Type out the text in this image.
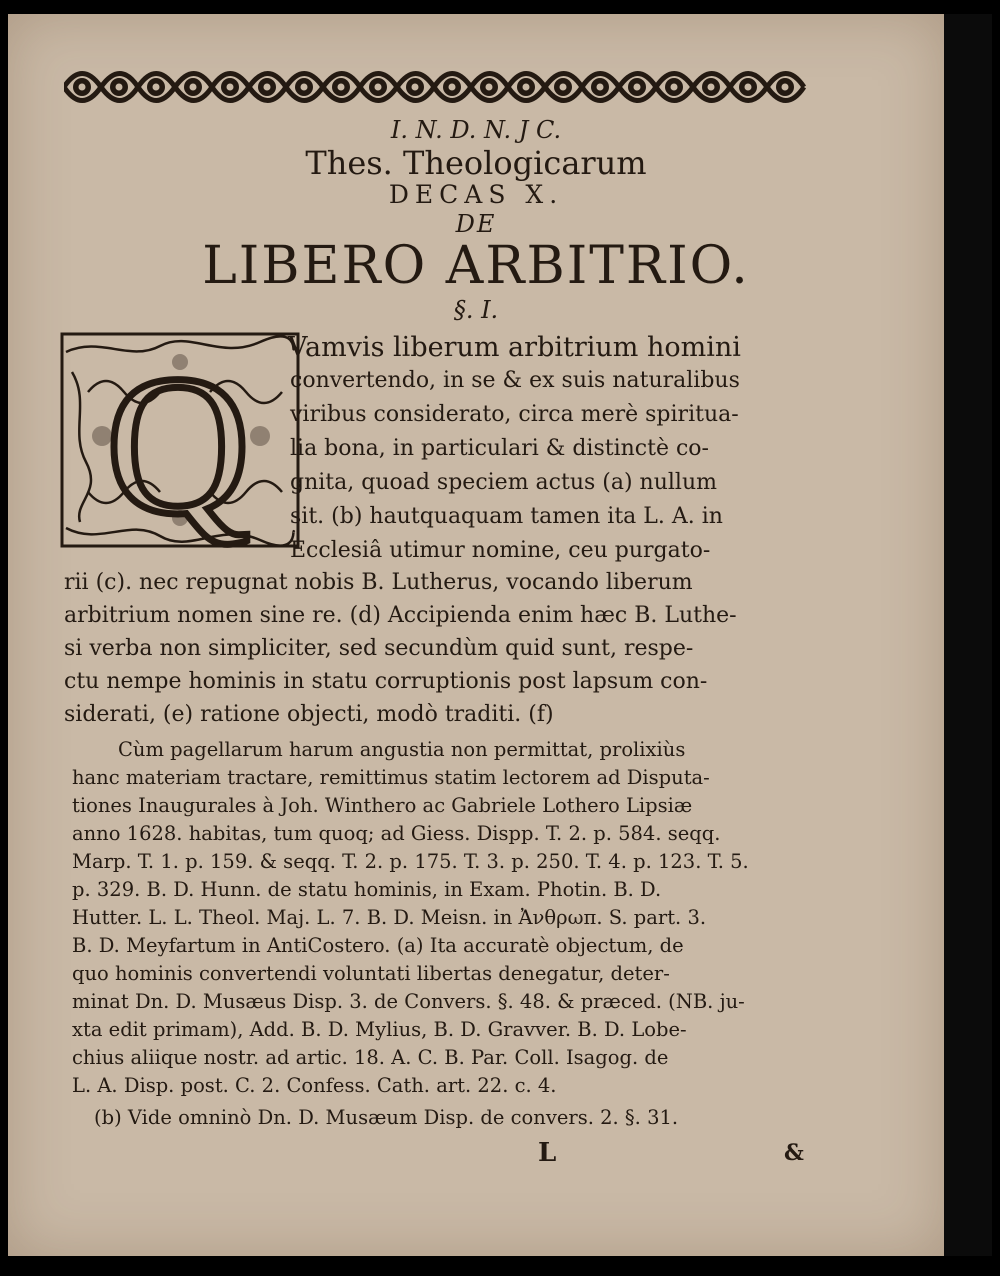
I. N. D. N. J C.
Thes. Theologicarum
DECAS X.
DE
LIBERO ARBITRIO.
§. I.
Q Vamvis liberum arbitrium homini
convertendo, in se & ex suis naturalibus
viribus consideratо, circa merè spiritua-
lia bona, in particulari & distinctè co-
gnita, quoad speciem actus (a) nullum
sit. (b) hautquaquam tamen ita L. A. in
Ecclesiâ utimur nomine, ceu purgato-
rii (c). nec repugnat nobis B. Lutherus, vocando liberum
arbitrium nomen sine re. (d) Accipienda enim hæc B. Luthe-
si verba non simpliciter, sed secundùm quid sunt, respe-
ctu nempe hominis in statu corruptionis post lapsum con-
siderati, (e) ratione objecti, modò traditi. (f)
Cùm pagellarum harum angustia non permittat, prolixiùs
hanc materiam tractare, remittimus statim lectorem ad Disputa-
tiones Inaugurales à Joh. Winthero ac Gabriele Lothero Lipsiæ
anno 1628. habitas, tum quoq; ad Giess. Dispp. T. 2. p. 584. seqq.
Marp. T. 1. p. 159. & seqq. T. 2. p. 175. T. 3. p. 250. T. 4. p. 123. T. 5.
p. 329. B. D. Hunn. de statu hominis, in Exam. Photin. B. D.
Hutter. L. L. Theol. Maj. L. 7. B. D. Meisn. in Ἀνθρωπ. S. part. 3.
B. D. Meyfartum in AntiCostero. (a) Ita accuratè objectum, de
quo hominis convertendi voluntati libertas denegatur, deter-
minat Dn. D. Musæus Disp. 3. de Convers. §. 48. & præced. (NB. ju-
xta edit primam), Add. B. D. Mylius, B. D. Gravver. B. D. Lobe-
chius aliique nostr. ad artic. 18. A. C. B. Par. Coll. Isagog. de
L. A. Disp. post. C. 2. Confess. Cath. art. 22. c. 4.
(b) Vide omninò Dn. D. Musæum Disp. de convers. 2. §. 31.
L	&
